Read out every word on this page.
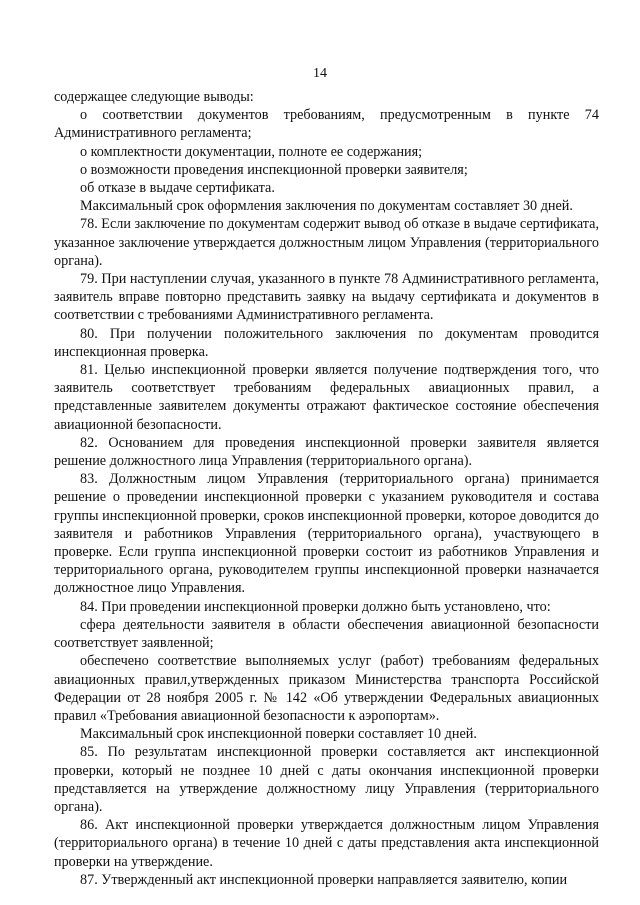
14

содержащее следующие выводы:

о соответствии документов требованиям, предусмотренным в пункте 74 Административного регламента;

о комплектности документации, полноте ее содержания;

о возможности проведения инспекционной проверки заявителя;

об отказе в выдаче сертификата.

Максимальный срок оформления заключения по документам составляет 30 дней.

78. Если заключение по документам содержит вывод об отказе в выдаче сертификата, указанное заключение утверждается должностным лицом Управления (территориального органа).

79. При наступлении случая, указанного в пункте 78 Административного регламента, заявитель вправе повторно представить заявку на выдачу сертификата и документов в соответствии с требованиями Административного регламента.

80. При получении положительного заключения по документам проводится инспекционная проверка.

81. Целью инспекционной проверки является получение подтверждения того, что заявитель соответствует требованиям федеральных авиационных правил, а представленные заявителем документы отражают фактическое состояние обеспечения авиационной безопасности.

82. Основанием для проведения инспекционной проверки заявителя является решение должностного лица Управления (территориального органа).

83. Должностным лицом Управления (территориального органа) принимается решение о проведении инспекционной проверки с указанием руководителя и состава группы инспекционной проверки, сроков инспекционной проверки, которое доводится до заявителя и работников Управления (территориального органа), участвующего в проверке. Если группа инспекционной проверки состоит из работников Управления и территориального органа, руководителем группы инспекционной проверки назначается должностное лицо Управления.

84. При проведении инспекционной проверки должно быть установлено, что:

сфера деятельности заявителя в области обеспечения авиационной безопасности соответствует заявленной;

обеспечено соответствие выполняемых услуг (работ) требованиям федеральных авиационных правил,утвержденных приказом Министерства транспорта Российской Федерации от 28 ноября 2005 г. № 142 «Об утверждении Федеральных авиационных правил «Требования авиационной безопасности к аэропортам».

Максимальный срок инспекционной поверки составляет 10 дней.

85. По результатам инспекционной проверки составляется акт инспекционной проверки, который не позднее 10 дней с даты окончания инспекционной проверки представляется на утверждение должностному лицу Управления (территориального органа).

86. Акт инспекционной проверки утверждается должностным лицом Управления (территориального органа) в течение 10 дней с даты представления акта инспекционной проверки на утверждение.

87. Утвержденный акт инспекционной проверки направляется заявителю, копии
